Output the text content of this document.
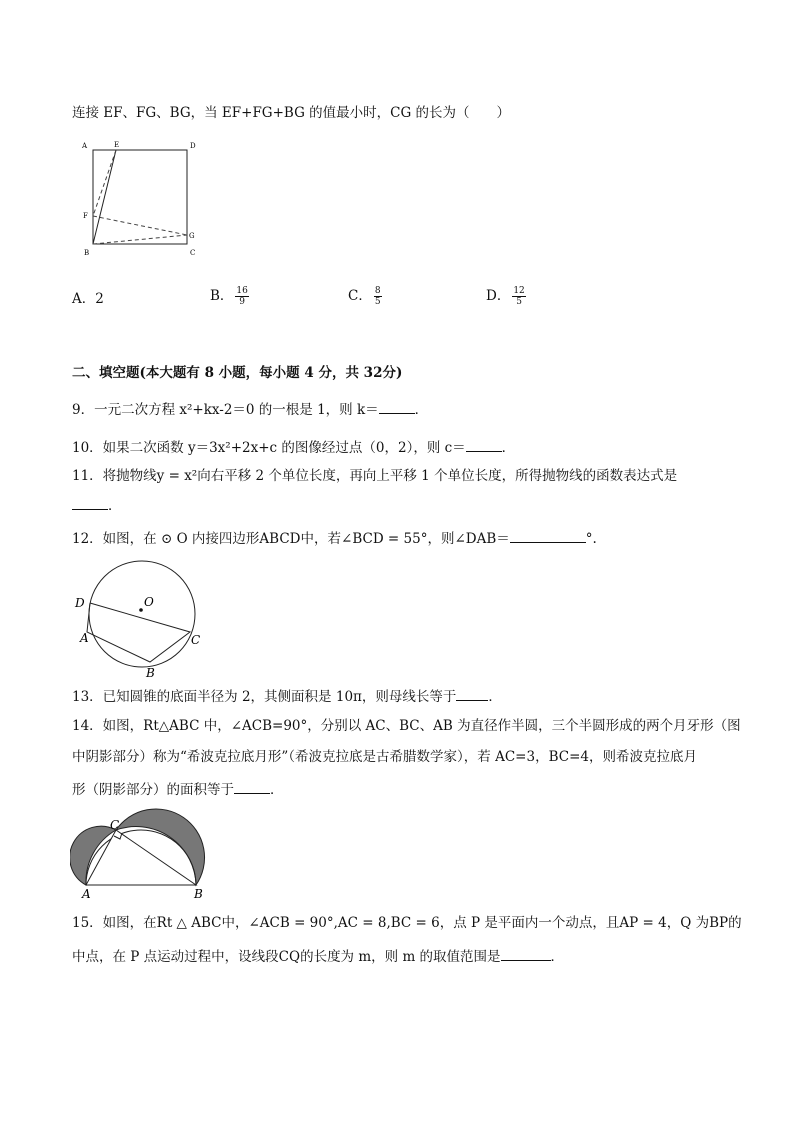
连接 EF、FG、BG，当 EF+FG+BG 的值最小时，CG 的长为（　　）
A	E	D
F
G
B	C
A．2	B． $\frac{16}{9}$	C． $\frac{8}{5}$	D． $\frac{12}{5}$
二、填空题(本大题有 8 小题，每小题 4 分，共 32分)
9．一元二次方程 x²+kx-2＝0 的一根是 1，则 k＝	．
10．如果二次函数 y＝3x²+2x+c 的图像经过点（0，2），则 c＝	．
11．将抛物线y = x²向右平移 2 个单位长度，再向上平移 1 个单位长度，所得抛物线的函数表达式是
．
12．如图，在 ⊙ O 内接四边形ABCD中，若∠BCD = 55°，则∠DAB＝	°.
O
D
A
B
C
13．已知圆锥的底面半径为 2，其侧面积是 10π，则母线长等于 ．
14．如图，Rt△ABC 中，∠ACB=90°，分别以 AC、BC、AB 为直径作半圆，三个半圆形成的两个月牙形（图
中阴影部分）称为“希波克拉底月形”（希波克拉底是古希腊数学家），若 AC=3，BC=4，则希波克拉底月
形（阴影部分）的面积等于	．
C
A	B
15．如图，在Rt △ ABC中，∠ACB = 90°,AC = 8,BC = 6，点 P 是平面内一个动点，且AP = 4，Q 为BP的
中点，在 P 点运动过程中，设线段CQ的长度为 m，则 m 的取值范围是	．
